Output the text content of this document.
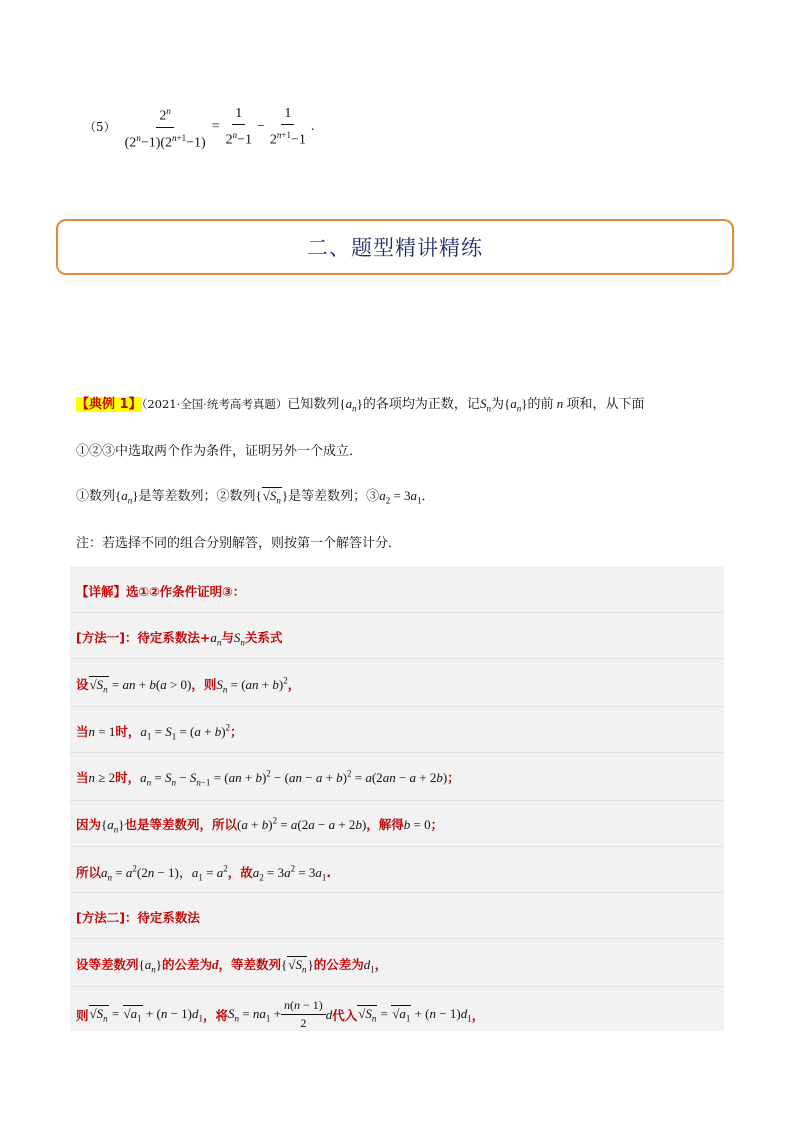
$(5) \frac{2^n}{(2^n-1)(2^{n+1}-1)} = \frac{1}{2^n-1} - \frac{1}{2^{n+1}-1}$ .
二、题型精讲精练
【典例 1】（2021·全国·统考高考真题）已知数列$\{a_n\}$的各项均为正数，记$S_n$为$\{a_n\}$的前 n 项和，从下面
①②③中选取两个作为条件，证明另外一个成立．
①数列$\{a_n\}$是等差数列；②数列$\{√S_n\}$是等差数列；$③a_2 = 3a_1$．
注：若选择不同的组合分别解答，则按第一个解答计分．
【详解】选①②作条件证明③：
[方法一]：待定系数法$+a_n$与$S_n$关系式
设$√S_n$ = an + b(a > 0)，则$S_n = (an + b)^2$，
当n = 1时，$a_1 = S_1 = (a + b)^2$；
当n ≥ 2时，$a_n = S_n - S_{n-1} = (an + b)^2 - (an - a + b)^2 = a(2an - a + 2b)$；
因为$\{a_n\}$也是等差数列，所以$(a + b)^2 = a(2a - a + 2b)$，解得b = 0；
所以$a_n = a^2(2n - 1)$，$a_1 = a^2$，故$a_2 = 3a^2 = 3a_1$.
[方法二]：待定系数法
设等差数列$\{a_n\}$的公差为d，等差数列$\{√S_n\}$的公差为$d_1$，
则 $√S_n = √a_1 + (n - 1)d_1$ ，将 $S_n = na_1 + \frac{n(n - 1)}{2}$ d 代入 $√S_n = √a_1 + (n - 1)d_1$ ，
